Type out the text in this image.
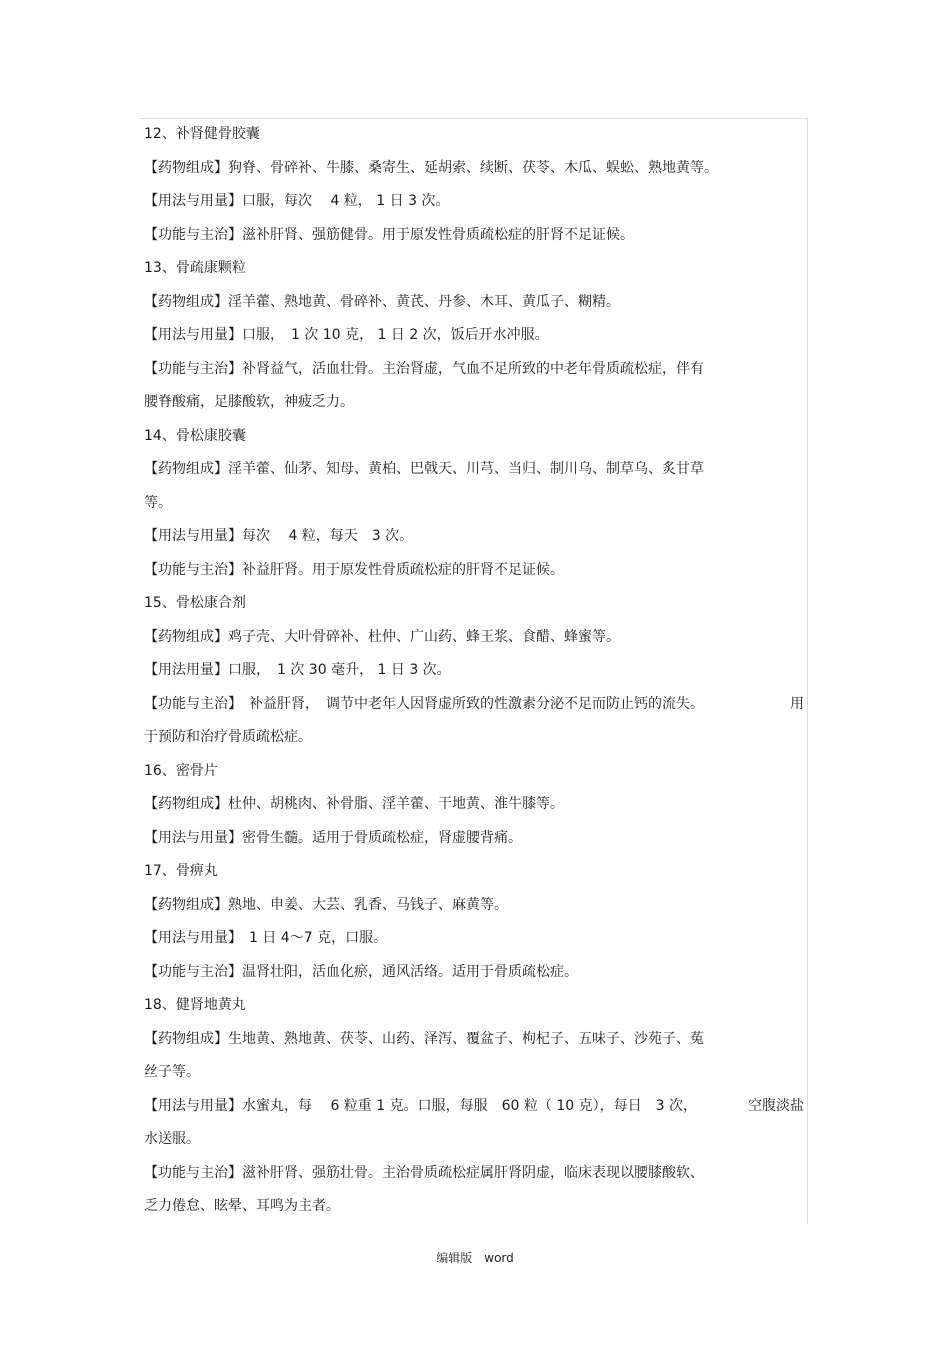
12、补肾健骨胶囊
【药物组成】狗脊、骨碎补、牛膝、桑寄生、延胡索、续断、茯苓、木瓜、蜈蚣、熟地黄等。
【用法与用量】口服，每次　 4 粒， 1 日 3 次。
【功能与主治】滋补肝肾、强筋健骨。用于原发性骨质疏松症的肝肾不足证候。
13、骨疏康颗粒
【药物组成】淫羊藿、熟地黄、骨碎补、黄芪、丹参、木耳、黄瓜子、糊精。
【用法与用量】口服，　1 次 10 克， 1 日 2 次，饭后开水冲服。
【功能与主治】补肾益气，活血壮骨。主治肾虚，气血不足所致的中老年骨质疏松症，伴有
腰脊酸痛，足膝酸软，神疲乏力。
14、骨松康胶囊
【药物组成】淫羊藿、仙茅、知母、黄柏、巴戟天、川芎、当归、制川乌、制草乌、炙甘草
等。
【用法与用量】每次　 4 粒，每天　3 次。
【功能与主治】补益肝肾。用于原发性骨质疏松症的肝肾不足证候。
15、骨松康合剂
【药物组成】鸡子壳、大叶骨碎补、杜仲、广山药、蜂王浆、食醋、蜂蜜等。
【用法用量】口服，　1 次 30 毫升， 1 日 3 次。
【功能与主治】　补益肝肾，　调节中老年人因肾虚所致的性激素分泌不足而防止钙的流失。	用
于预防和治疗骨质疏松症。
16、密骨片
【药物组成】杜仲、胡桃肉、补骨脂、淫羊藿、干地黄、淮牛膝等。
【用法与用量】密骨生髓。适用于骨质疏松症，肾虚腰背痛。
17、骨痹丸
【药物组成】熟地、申姜、大芸、乳香、马钱子、麻黄等。
【用法与用量】　1 日 4～7 克，口服。
【功能与主治】温肾壮阳，活血化瘀，通风活络。适用于骨质疏松症。
18、健肾地黄丸
【药物组成】生地黄、熟地黄、茯苓、山药、泽泻、覆盆子、枸杞子、五味子、沙苑子、菟
丝子等。
【用法与用量】水蜜丸，每　 6 粒重 1 克。口服，每服　60 粒（ 10 克），每日　3 次，	空腹淡盐
水送服。
【功能与主治】滋补肝肾、强筋壮骨。主治骨质疏松症属肝肾阴虚，临床表现以腰膝酸软、
乏力倦怠、眩晕、耳鸣为主者。
编辑版　word
